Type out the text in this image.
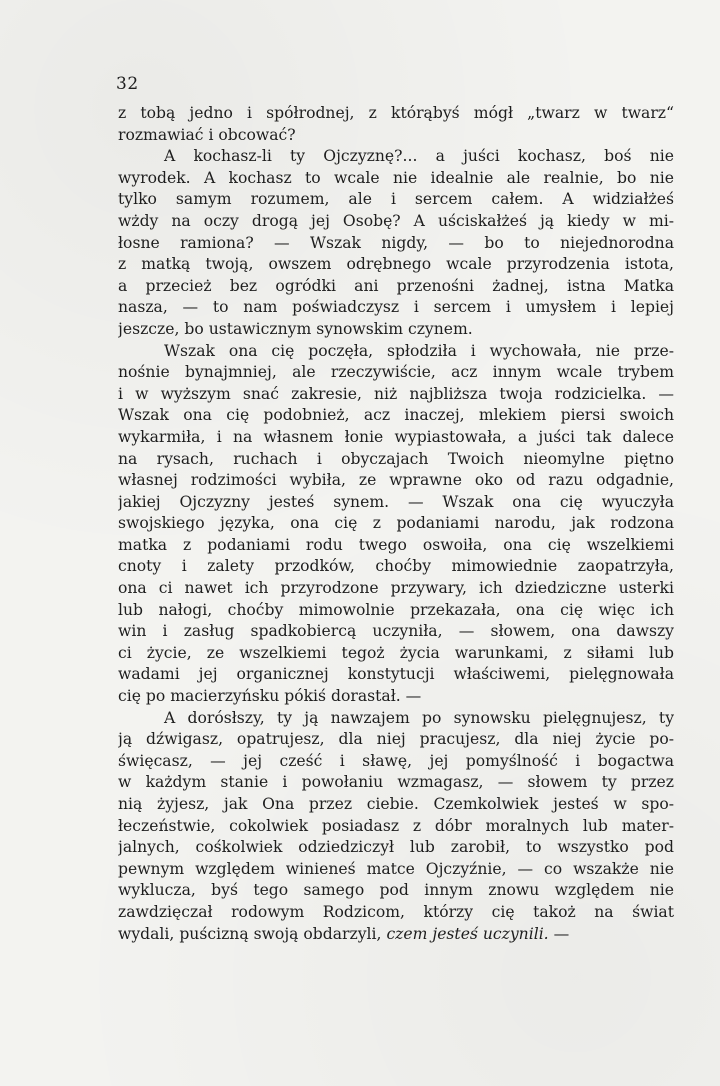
32
z tobą jedno i spółrodnej, z którąbyś mógł „twarz w twarz“
rozmawiać i obcować?
A kochasz-li ty Ojczyznę?... a juści kochasz, boś nie
wyrodek. A kochasz to wcale nie idealnie ale realnie, bo nie
tylko samym rozumem, ale i sercem całem. A widziałżeś
wżdy na oczy drogą jej Osobę? A uściskałżeś ją kiedy w mi-
łosne ramiona? — Wszak nigdy, — bo to niejednorodna
z matką twoją, owszem odrębnego wcale przyrodzenia istota,
a przecież bez ogródki ani przenośni żadnej, istna Matka
nasza, — to nam poświadczysz i sercem i umysłem i lepiej
jeszcze, bo ustawicznym synowskim czynem.
Wszak ona cię poczęła, spłodziła i wychowała, nie prze-
nośnie bynajmniej, ale rzeczywiście, acz innym wcale trybem
i w wyższym snać zakresie, niż najbliższa twoja rodzicielka. —
Wszak ona cię podobnież, acz inaczej, mlekiem piersi swoich
wykarmiła, i na własnem łonie wypiastowała, a juści tak dalece
na rysach, ruchach i obyczajach Twoich nieomylne piętno
własnej rodzimości wybiła, ze wprawne oko od razu odgadnie,
jakiej Ojczyzny jesteś synem. — Wszak ona cię wyuczyła
swojskiego języka, ona cię z podaniami narodu, jak rodzona
matka z podaniami rodu twego oswoiła, ona cię wszelkiemi
cnoty i zalety przodków, choćby mimowiednie zaopatrzyła,
ona ci nawet ich przyrodzone przywary, ich dziedziczne usterki
lub nałogi, choćby mimowolnie przekazała, ona cię więc ich
win i zasług spadkobiercą uczyniła, — słowem, ona dawszy
ci życie, ze wszelkiemi tegoż życia warunkami, z siłami lub
wadami jej organicznej konstytucji właściwemi, pielęgnowała
cię po macierzyńsku pókiś dorastał. —
A dorósłszy, ty ją nawzajem po synowsku pielęgnujesz, ty
ją dźwigasz, opatrujesz, dla niej pracujesz, dla niej życie po-
święcasz, — jej cześć i sławę, jej pomyślność i bogactwa
w każdym stanie i powołaniu wzmagasz, — słowem ty przez
nią żyjesz, jak Ona przez ciebie. Czemkolwiek jesteś w spo-
łeczeństwie, cokolwiek posiadasz z dóbr moralnych lub mater-
jalnych, cośkolwiek odziedziczył lub zarobił, to wszystko pod
pewnym względem winieneś matce Ojczyźnie, — co wszakże nie
wyklucza, byś tego samego pod innym znowu względem nie
zawdzięczał rodowym Rodzicom, którzy cię takoż na świat
wydali, puścizną swoją obdarzyli, czem jesteś uczynili. —
